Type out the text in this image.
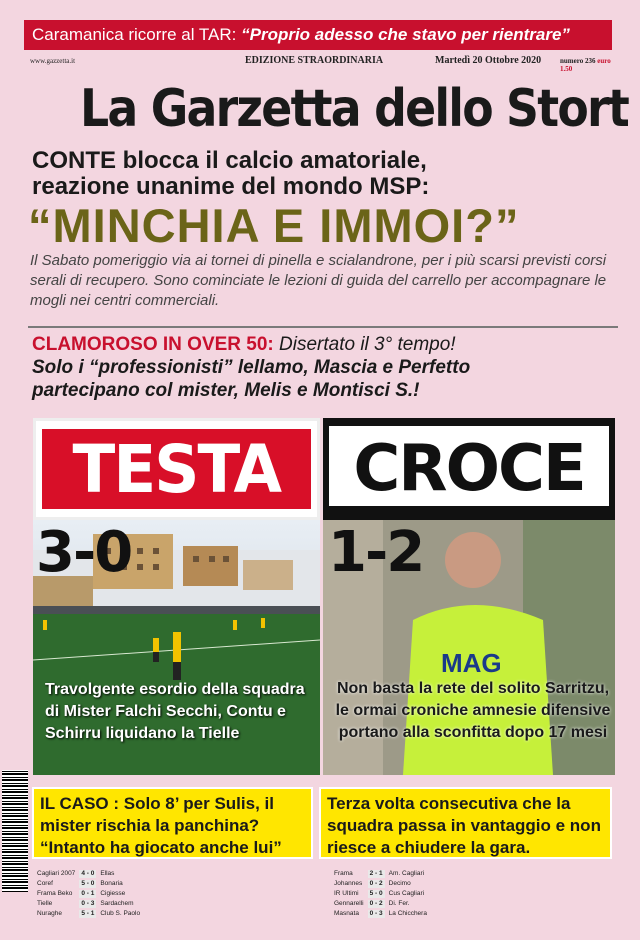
Caramanica ricorre al TAR: “Proprio adesso che stavo per rientrare”
www.gazzetta.it	EDIZIONE STRAORDINARIA	Martedì 20 Ottobre 2020	numero 236 euro 1.50
La Garzetta dello Stort
CONTE blocca il calcio amatoriale,
reazione unanime del mondo MSP:
“MINCHIA E IMMOI?”
Il Sabato pomeriggio via ai tornei di pinella e scialandrone, per i più scarsi previsti corsi serali di recupero. Sono cominciate le lezioni di guida del carrello per accompagnare le mogli nei centri commerciali.
CLAMOROSO IN OVER 50: Disertato il 3° tempo!
Solo i “professionisti” lellamo, Mascia e Perfetto
partecipano col mister, Melis e Montisci S.!
TESTA CROCE
MAG
3-0	1-2
Travolgente esordio della squadra di Mister Falchi Secchi, Contu e Schirru liquidano la Tielle
Non basta la rete del solito Sarritzu, le ormai croniche amnesie difensive portano alla sconfitta dopo 17 mesi
IL CASO : Solo 8’ per Sulis, il mister rischia la panchina? “Intanto ha giocato anche lui”
Terza volta consecutiva che la squadra passa in vantaggio e non riesce a chiudere la gara.
Cagliari 2007	4 - 0	Ellas
Coref	5 - 0	Bonaria
Frama Beko	0 - 1	Cigiesse
Tielle	0 - 3	Sardachem
Nuraghe	5 - 1	Club S. Paolo
Frama	2 - 1	Am. Cagliari
Johannes	0 - 2	Decimo
IR Ultimi	5 - 0	Cus Cagliari
Gennarelli	0 - 2	Di. Fer.
Masnata	0 - 3	La Chicchera
